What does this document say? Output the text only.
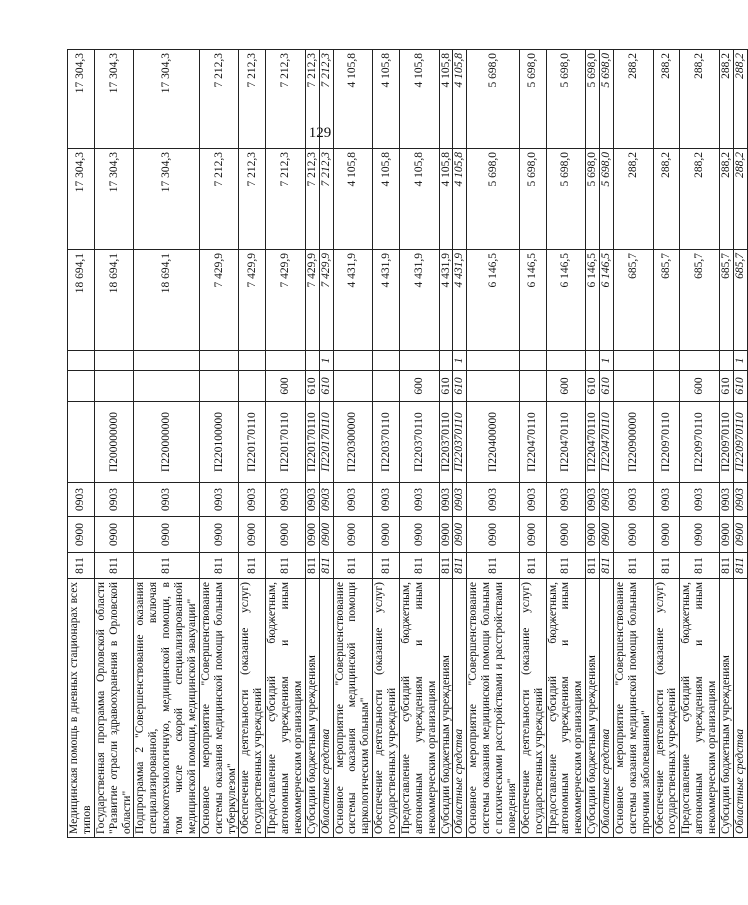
129
Медицинская помощь в дневных стационарах всех типов	811	0900	0903				18 694,1	17 304,3	17 304,3
Государственная программа Орловской области "Развитие отрасли здравоохранения в Орловской области"	811	0900	0903	П200000000			18 694,1	17 304,3	17 304,3
Подпрограмма 2 "Совершенствование оказания специализированной, включая высокотехнологичную, медицинской помощи, в том числе скорой специализированной медицинской помощи, медицинской эвакуации"	811	0900	0903	П220000000			18 694,1	17 304,3	17 304,3
Основное мероприятие "Совершенствование системы оказания медицинской помощи больным туберкулезом"	811	0900	0903	П220100000			7 429,9	7 212,3	7 212,3
Обеспечение деятельности (оказание услуг) государственных учреждений	811	0900	0903	П220170110			7 429,9	7 212,3	7 212,3
Предоставление субсидий бюджетным, автономным учреждениям и иным некоммерческим организациям	811	0900	0903	П220170110	600		7 429,9	7 212,3	7 212,3
Субсидии бюджетным учреждениям	811	0900	0903	П220170110	610		7 429,9	7 212,3	7 212,3
Областные средства	811	0900	0903	П220170110	610	1	7 429,9	7 212,3	7 212,3
Основное мероприятие "Совершенствование системы оказания медицинской помощи наркологическим больным"	811	0900	0903	П220300000			4 431,9	4 105,8	4 105,8
Обеспечение деятельности (оказание услуг) государственных учреждений	811	0900	0903	П220370110			4 431,9	4 105,8	4 105,8
Предоставление субсидий бюджетным, автономным учреждениям и иным некоммерческим организациям	811	0900	0903	П220370110	600		4 431,9	4 105,8	4 105,8
Субсидии бюджетным учреждениям	811	0900	0903	П220370110	610		4 431,9	4 105,8	4 105,8
Областные средства	811	0900	0903	П220370110	610	1	4 431,9	4 105,8	4 105,8
Основное мероприятие "Совершенствование системы оказания медицинской помощи больным с психическими расстройствами и расстройствами поведения"	811	0900	0903	П220400000			6 146,5	5 698,0	5 698,0
Обеспечение деятельности (оказание услуг) государственных учреждений	811	0900	0903	П220470110			6 146,5	5 698,0	5 698,0
Предоставление субсидий бюджетным, автономным учреждениям и иным некоммерческим организациям	811	0900	0903	П220470110	600		6 146,5	5 698,0	5 698,0
Субсидии бюджетным учреждениям	811	0900	0903	П220470110	610		6 146,5	5 698,0	5 698,0
Областные средства	811	0900	0903	П220470110	610	1	6 146,5	5 698,0	5 698,0
Основное мероприятие "Совершенствование системы оказания медицинской помощи больным прочими заболеваниями"	811	0900	0903	П220900000			685,7	288,2	288,2
Обеспечение деятельности (оказание услуг) государственных учреждений	811	0900	0903	П220970110			685,7	288,2	288,2
Предоставление субсидий бюджетным, автономным учреждениям и иным некоммерческим организациям	811	0900	0903	П220970110	600		685,7	288,2	288,2
Субсидии бюджетным учреждениям	811	0900	0903	П220970110	610		685,7	288,2	288,2
Областные средства	811	0900	0903	П220970110	610	1	685,7	288,2	288,2
